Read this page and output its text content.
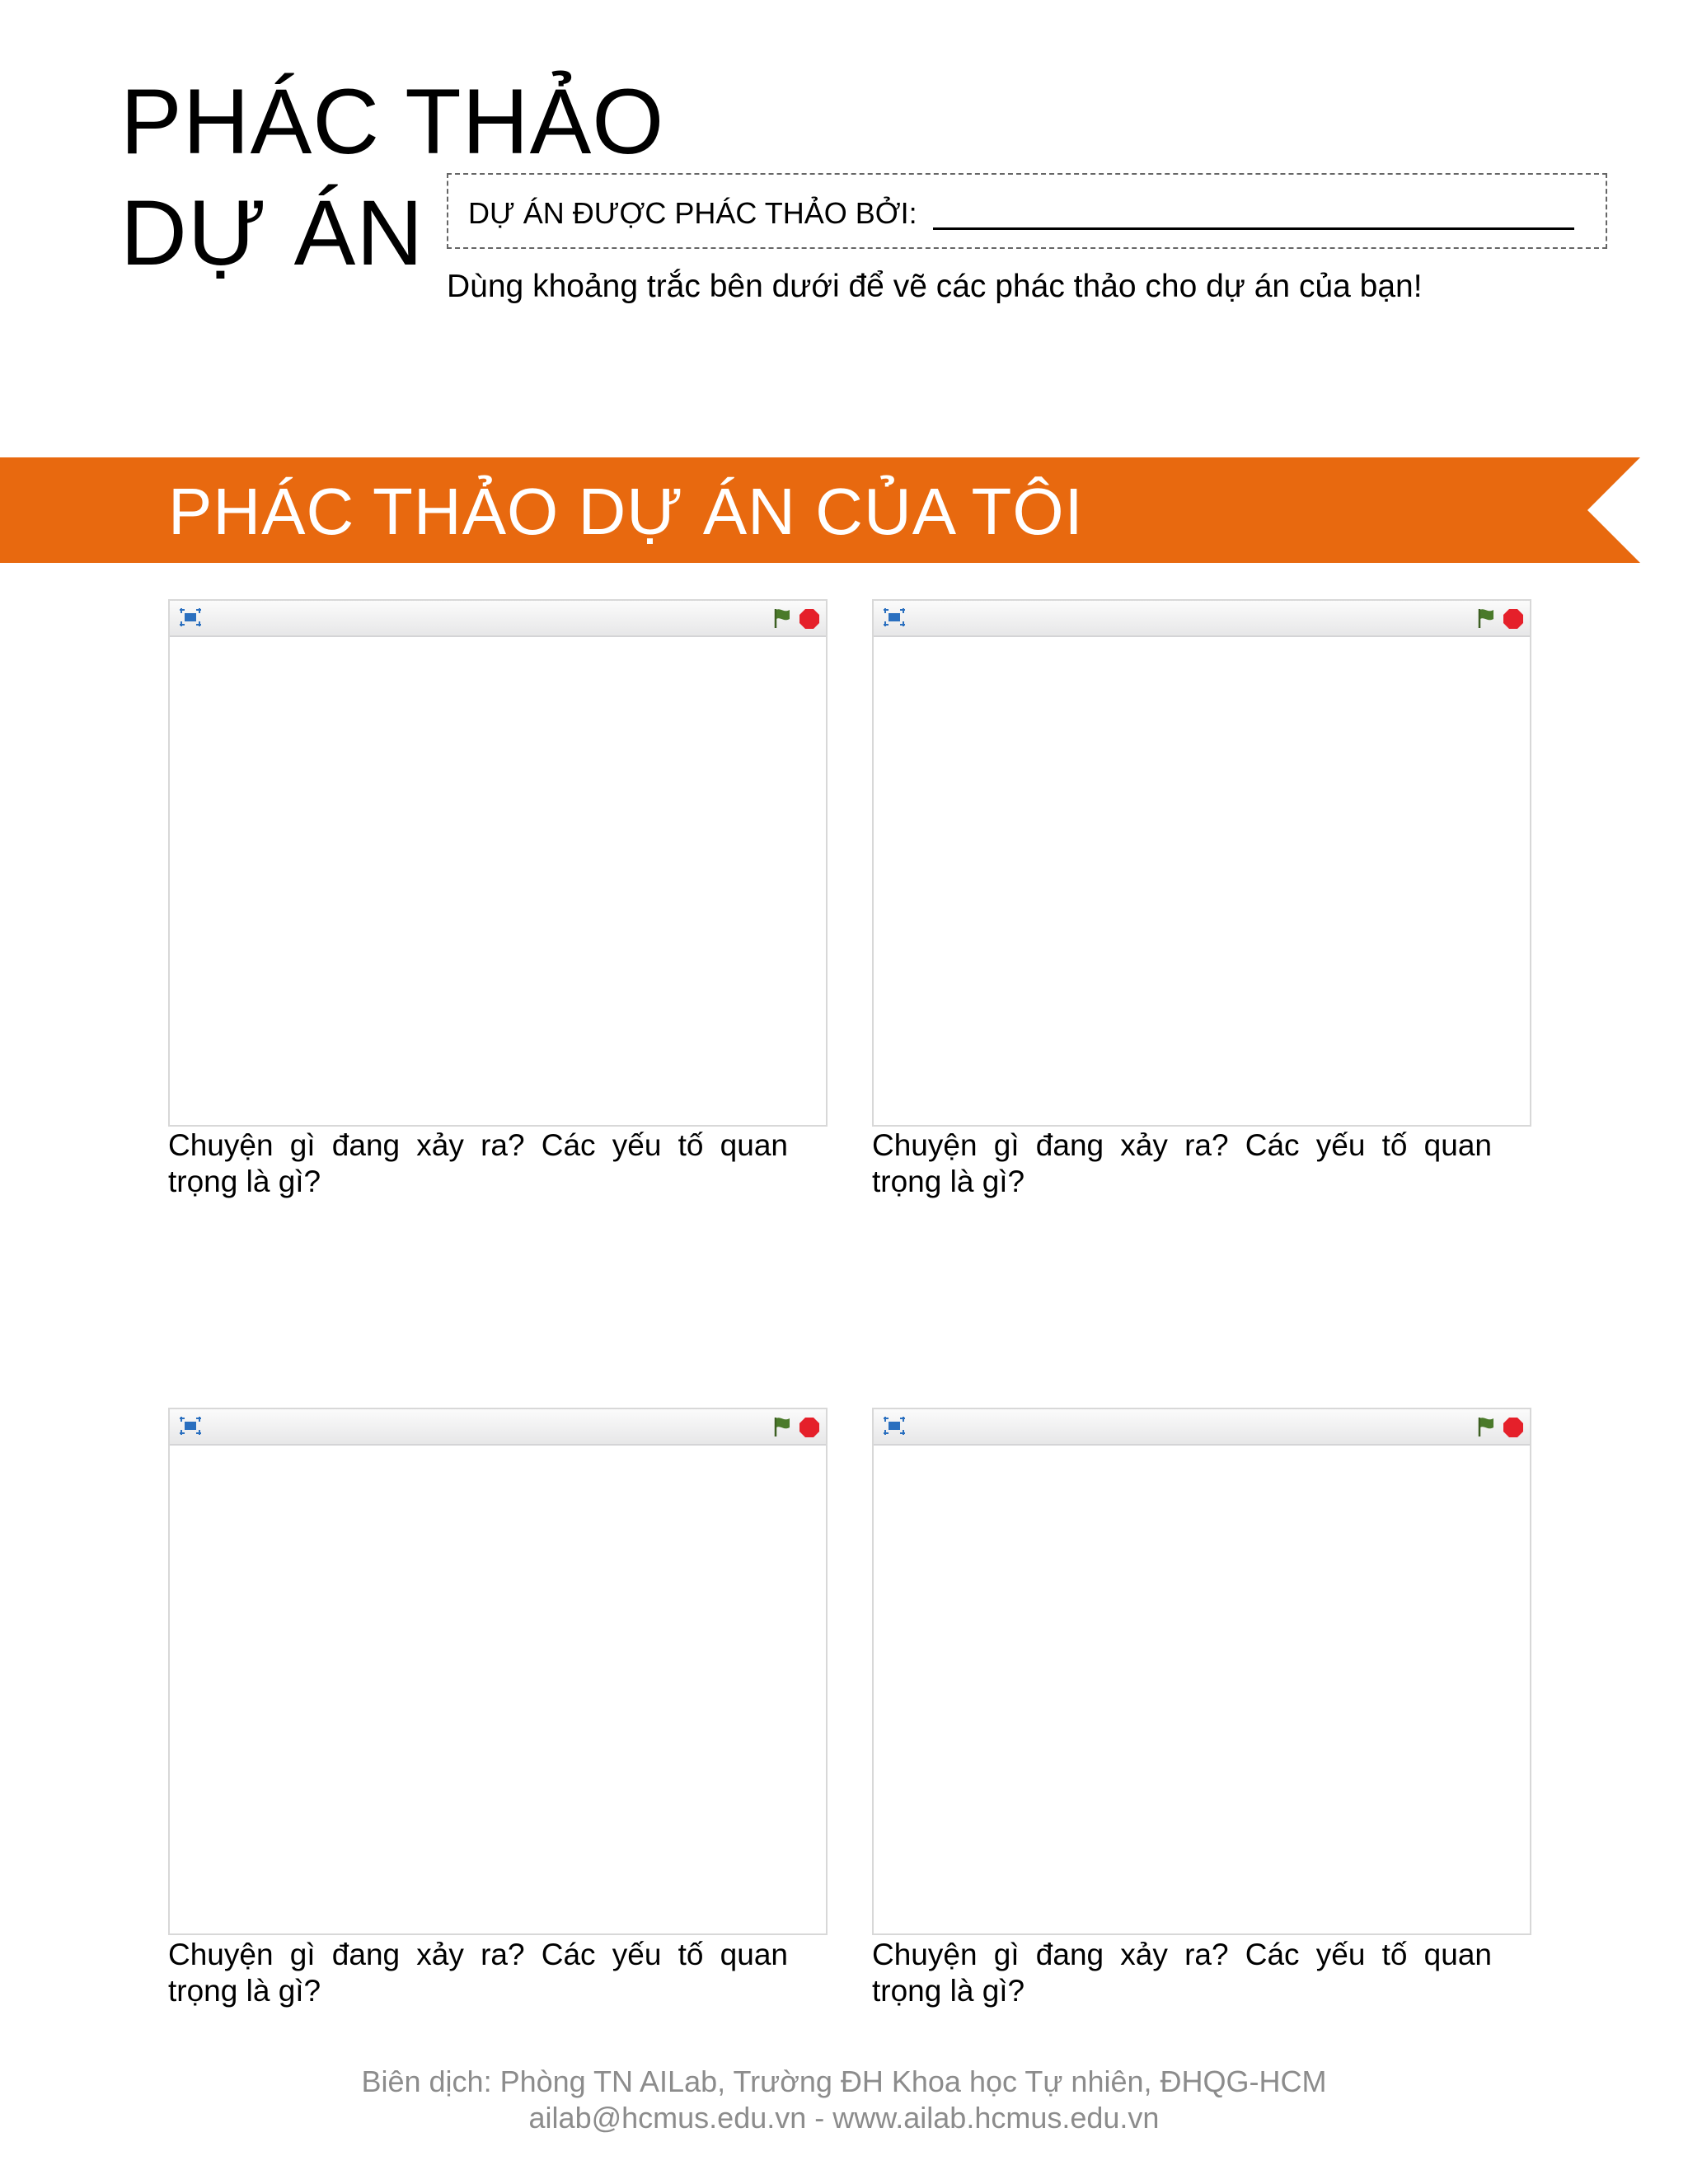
PHÁC THẢO
DỰ ÁN	DỰ ÁN ĐƯỢC PHÁC THẢO BỞI:
Dùng khoảng trắc bên dưới để vẽ các phác thảo cho dự án của bạn!
PHÁC THẢO DỰ ÁN CỦA TÔI
Chuyện gì đang xảy ra? Các yếu tố quan
trọng là gì?
Chuyện gì đang xảy ra? Các yếu tố quan
trọng là gì?
Chuyện gì đang xảy ra? Các yếu tố quan
trọng là gì?
Chuyện gì đang xảy ra? Các yếu tố quan
trọng là gì?
Biên dịch: Phòng TN AILab, Trường ĐH Khoa học Tự nhiên, ĐHQG-HCM
ailab@hcmus.edu.vn - www.ailab.hcmus.edu.vn
